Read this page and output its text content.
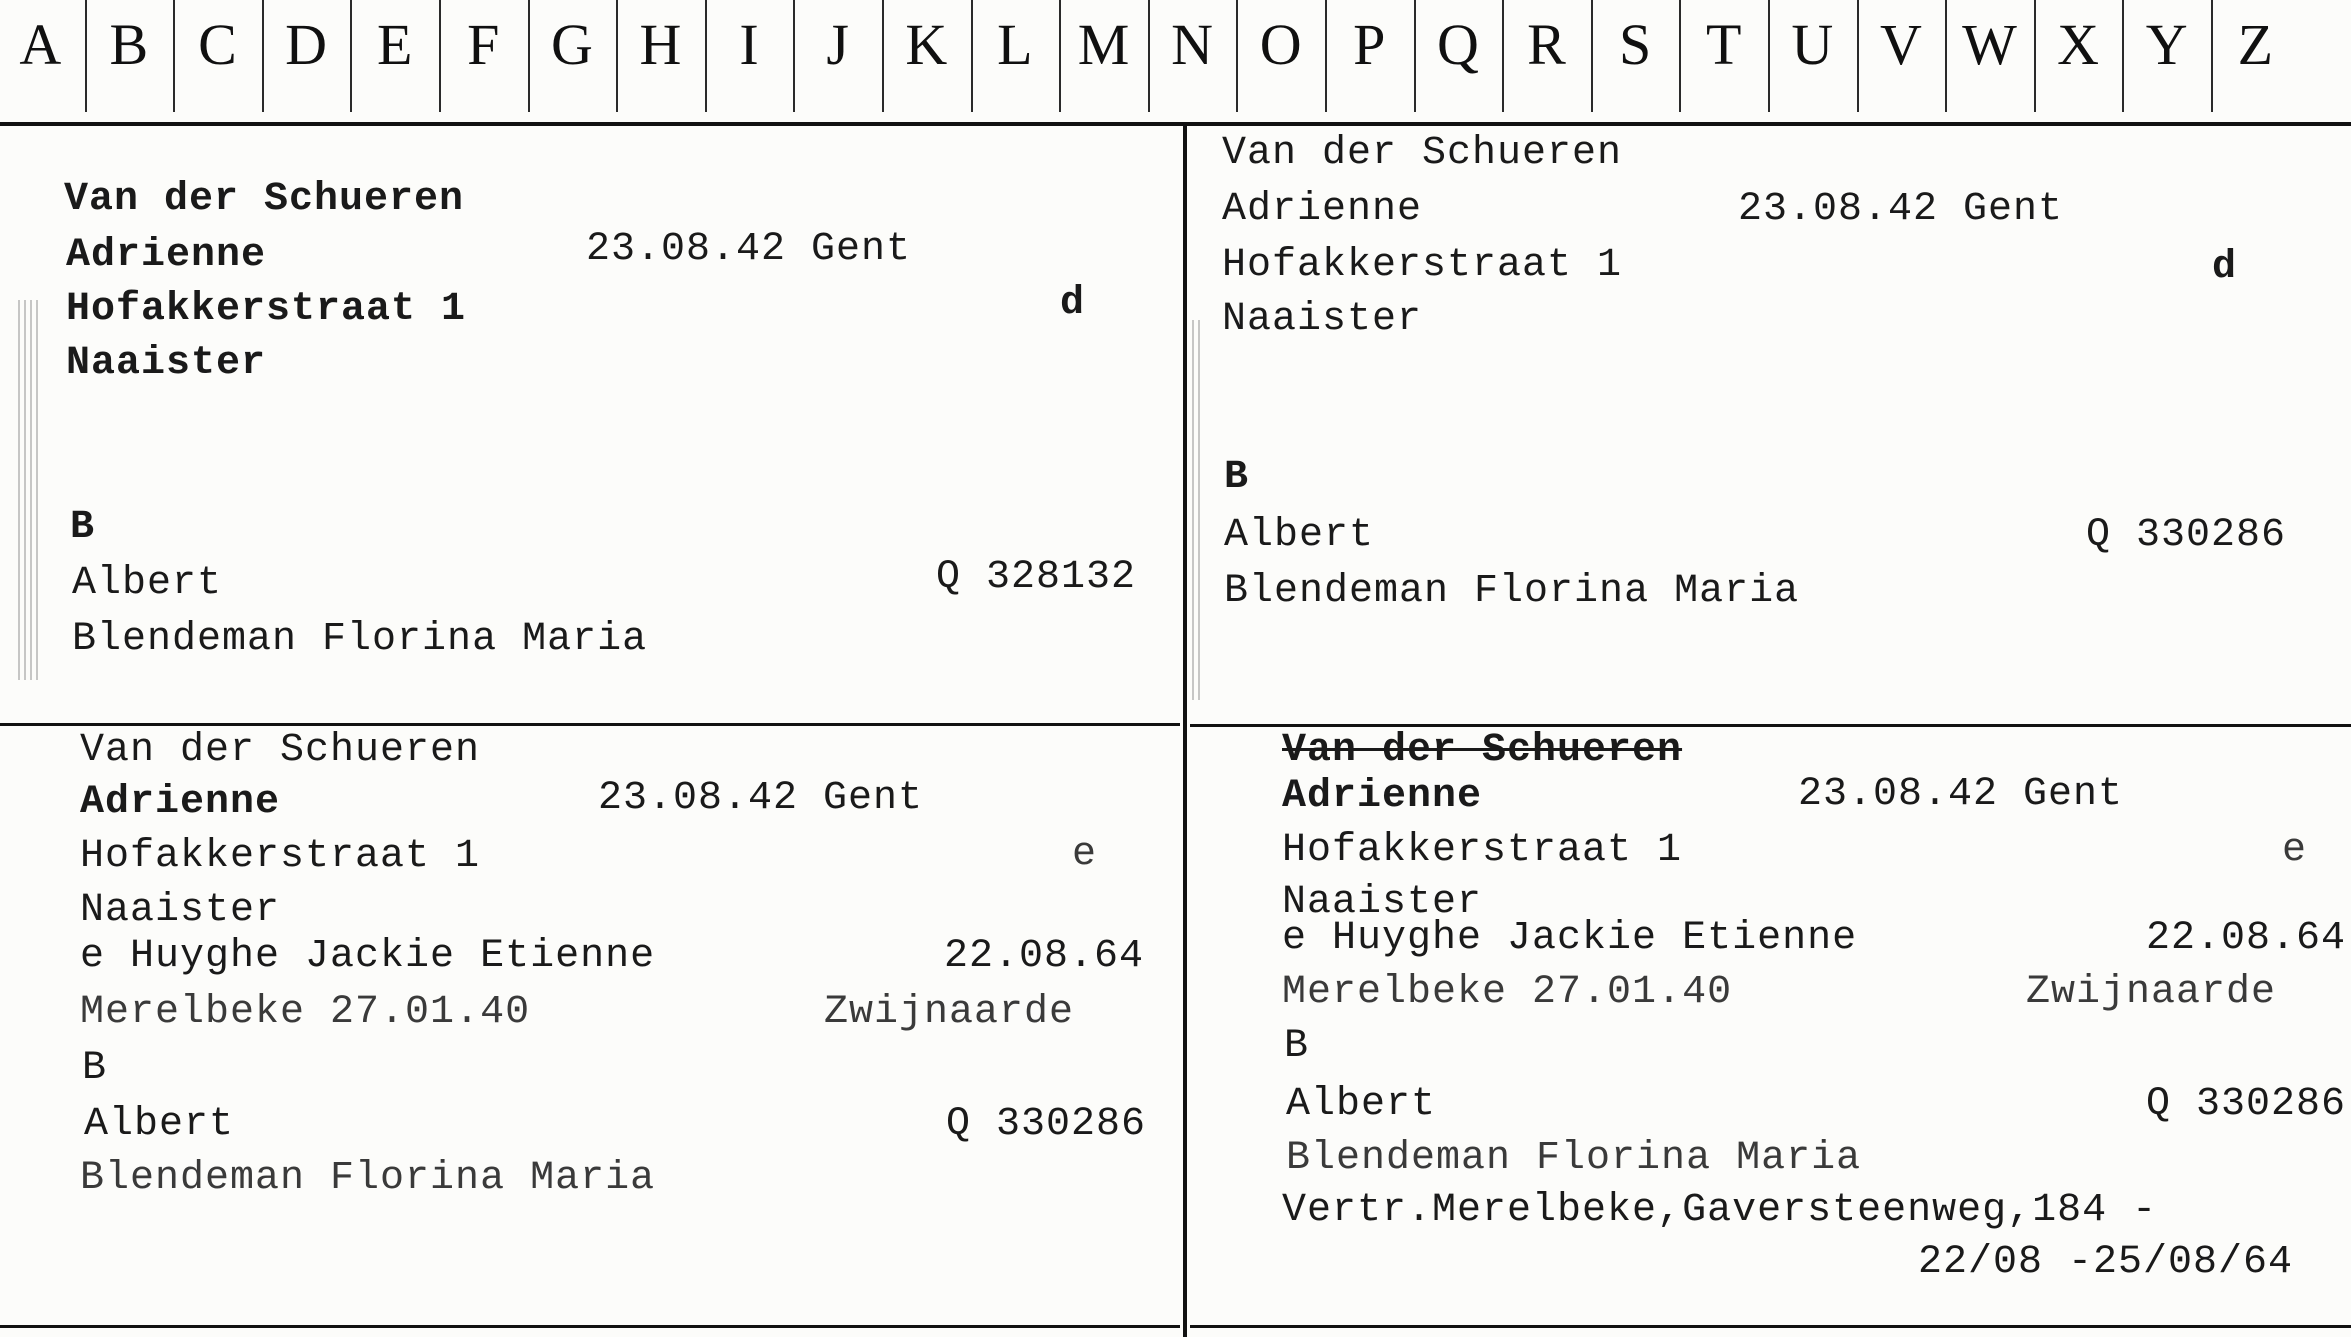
A B C D E F G H	I	J K L M N O P Q R S T U V W X Y Z
Van der Schueren
Adrienne	23.08.42 Gent
Hofakkerstraat 1	d
Naaister
B
Albert	Q 328132
Blendeman Florina Maria
Van der Schueren
Adrienne	23.08.42 Gent
Hofakkerstraat 1	d
Naaister
B
Albert	Q 330286
Blendeman Florina Maria
Van der Schueren
Adrienne	23.08.42 Gent
Hofakkerstraat 1	e
Naaister
e Huyghe Jackie Etienne	22.08.64
Merelbeke 27.01.40	Zwijnaarde
B
Albert	Q 330286
Blendeman Florina Maria
Van der Schueren
Adrienne	23.08.42 Gent
Hofakkerstraat 1	e
Naaister
e Huyghe Jackie Etienne	22.08.64
Merelbeke 27.01.40	Zwijnaarde
B
Albert	Q 330286
Blendeman Florina Maria
Vertr.Merelbeke,Gaversteenweg,184 -
22/08 -25/08/64
